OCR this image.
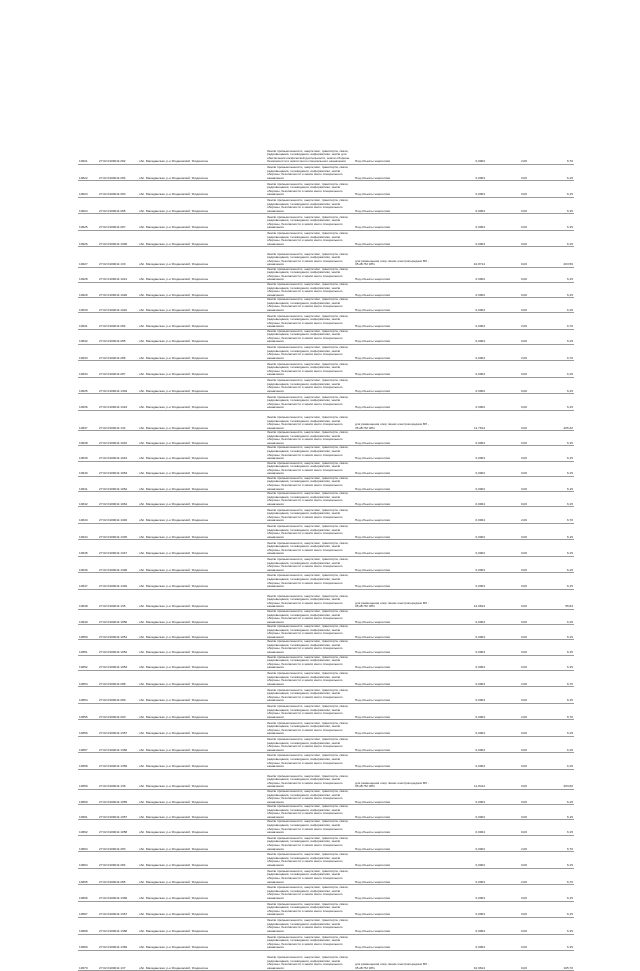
10621	27:02:0109011:282	обл. Магаданская, р-н Ягоднинский, Ягодинское		Земли промышленности, энергетики, транспорта, связи, радиовещания, телевидения, информатики, земли для обеспечения космической деятельности, земли обороны, безопасности и земли иного специального назначения	Под объекты энергетики	0,0004	2,00	6,70
10622	27:02:0109011:284	обл. Магаданская, р-н Ягоднинский, Ягодинское		Земли промышленности, энергетики, транспорта, связи, радиовещания, телевидения, информатики, земли обороны, безопасности и земли иного специального назначения	Под объекты энергетики	0,0004	0,00	6,15
10623	27:02:0109011:283	обл. Магаданская, р-н Ягоднинский, Ягодинское		Земли промышленности, энергетики, транспорта, связи, радиовещания, телевидения, информатики, земли обороны, безопасности и земли иного специального назначения	Под объекты энергетики	0,0004	0,00	6,15
10624	27:02:0109011:285	обл. Магаданская, р-н Ягоднинский, Ягодинское		Земли промышленности, энергетики, транспорта, связи, радиовещания, телевидения, информатики, земли обороны, безопасности и земли иного специального назначения	Под объекты энергетики	0,0004	0,00	6,15
10625	27:02:0109011:287	обл. Магаданская, р-н Ягоднинский, Ягодинское		Земли промышленности, энергетики, транспорта, связи, радиовещания, телевидения, информатики, земли обороны, безопасности и земли иного специального назначения	Под объекты энергетики	0,0004	0,00	6,15
10626	27:02:0109011:1306	обл. Магаданская, р-н Ягоднинский, Ягодинское		Земли промышленности, энергетики, транспорта, связи, радиовещания, телевидения, информатики, земли обороны, безопасности и земли иного специального назначения	Под объекты энергетики	0,0004	0,00	6,15
10627	27:02:0109011:133	обл. Магаданская, р-н Ягоднинский, Ягодинское		Земли промышленности, энергетики, транспорта, связи, радиовещания, телевидения, информатики, земли обороны, безопасности и земли иного специального назначения	для размещения опор линии электропередачи ВЛ - 35 кВ ГМ ЭП1	10,8714	0,00	203,59
10628	27:02:0109011:1021	обл. Магаданская, р-н Ягоднинский, Ягодинское		Земли промышленности, энергетики, транспорта, связи, радиовещания, телевидения, информатики, земли обороны, безопасности и земли иного специального назначения	Под объекты энергетики	0,0004	0,00	6,15
10629	27:02:0109011:1020	обл. Магаданская, р-н Ягоднинский, Ягодинское		Земли промышленности, энергетики, транспорта, связи, радиовещания, телевидения, информатики, земли обороны, безопасности и земли иного специального назначения	Под объекты энергетики	0,0004	0,00	6,15
10630	27:02:0109011:1022	обл. Магаданская, р-н Ягоднинский, Ягодинское		Земли промышленности, энергетики, транспорта, связи, радиовещания, телевидения, информатики, земли обороны, безопасности и земли иного специального назначения	Под объекты энергетики	0,0004	0,00	6,15
10631	27:02:0109011:284	обл. Магаданская, р-н Ягоднинский, Ягодинское		Земли промышленности, энергетики, транспорта, связи, радиовещания, телевидения, информатики, земли обороны, безопасности и земли иного специального назначения	Под объекты энергетики	0,0004	2,00	6,70
10632	27:02:0109011:285	обл. Магаданская, р-н Ягоднинский, Ягодинское		Земли промышленности, энергетики, транспорта, связи, радиовещания, телевидения, информатики, земли обороны, безопасности и земли иного специального назначения	Под объекты энергетики	0,0004	0,00	6,15
10633	27:02:0109011:286	обл. Магаданская, р-н Ягоднинский, Ягодинское		Земли промышленности, энергетики, транспорта, связи, радиовещания, телевидения, информатики, земли обороны, безопасности и земли иного специального назначения	Под объекты энергетики	0,0004	2,00	6,70
10634	27:02:0109011:287	обл. Магаданская, р-н Ягоднинский, Ягодинское		Земли промышленности, энергетики, транспорта, связи, радиовещания, телевидения, информатики, земли обороны, безопасности и земли иного специального назначения	Под объекты энергетики	0,0004	0,00	6,15
10635	27:02:0109011:1304	обл. Магаданская, р-н Ягоднинский, Ягодинское		Земли промышленности, энергетики, транспорта, связи, радиовещания, телевидения, информатики, земли обороны, безопасности и земли иного специального назначения	Под объекты энергетики	0,0004	0,00	6,15
10636	27:02:0109011:1324	обл. Магаданская, р-н Ягоднинский, Ягодинское		Земли промышленности, энергетики, транспорта, связи, радиовещания, телевидения, информатики, земли обороны, безопасности и земли иного специального назначения	Под объекты энергетики	0,0004	0,00	6,15
10637	27:02:0109011:134	обл. Магаданская, р-н Ягоднинский, Ягодинское		Земли промышленности, энергетики, транспорта, связи, радиовещания, телевидения, информатики, земли обороны, безопасности и земли иного специального назначения	для размещения опор линии электропередачи ВЛ - 35 кВ ГМ ЭП1	11,7614	0,00	205,32
10638	27:02:0109011:1042	обл. Магаданская, р-н Ягоднинский, Ягодинское		Земли промышленности, энергетики, транспорта, связи, радиовещания, телевидения, информатики, земли обороны, безопасности и земли иного специального назначения	Под объекты энергетики	0,0004	0,00	6,15
10639	27:02:0109011:1043	обл. Магаданская, р-н Ягоднинский, Ягодинское		Земли промышленности, энергетики, транспорта, связи, радиовещания, телевидения, информатики, земли обороны, безопасности и земли иного специального назначения	Под объекты энергетики	0,0004	0,00	6,15
10640	27:02:0109011:1063	обл. Магаданская, р-н Ягоднинский, Ягодинское		Земли промышленности, энергетики, транспорта, связи, радиовещания, телевидения, информатики, земли обороны, безопасности и земли иного специального назначения	Под объекты энергетики	0,0004	0,00	6,15
10641	27:02:0109011:1062	обл. Магаданская, р-н Ягоднинский, Ягодинское		Земли промышленности, энергетики, транспорта, связи, радиовещания, телевидения, информатики, земли обороны, безопасности и земли иного специального назначения	Под объекты энергетики	0,0004	0,00	6,15
10642	27:02:0109011:1064	обл. Магаданская, р-н Ягоднинский, Ягодинское		Земли промышленности, энергетики, транспорта, связи, радиовещания, телевидения, информатики, земли обороны, безопасности и земли иного специального назначения	Под объекты энергетики	0,0004	0,00	6,15
10643	27:02:0109011:1346	обл. Магаданская, р-н Ягоднинский, Ягодинское		Земли промышленности, энергетики, транспорта, связи, радиовещания, телевидения, информатики, земли обороны, безопасности и земли иного специального назначения	Под объекты энергетики	0,0004	2,00	6,70
10644	27:02:0109011:1345	обл. Магаданская, р-н Ягоднинский, Ягодинское		Земли промышленности, энергетики, транспорта, связи, радиовещания, телевидения, информатики, земли обороны, безопасности и земли иного специального назначения	Под объекты энергетики	0,0004	0,00	6,15
10645	27:02:0109011:1347	обл. Магаданская, р-н Ягоднинский, Ягодинское		Земли промышленности, энергетики, транспорта, связи, радиовещания, телевидения, информатики, земли обороны, безопасности и земли иного специального назначения	Под объекты энергетики	0,0004	0,00	6,15
10646	27:02:0109011:1348	обл. Магаданская, р-н Ягоднинский, Ягодинское		Земли промышленности, энергетики, транспорта, связи, радиовещания, телевидения, информатики, земли обороны, безопасности и земли иного специального назначения	Под объекты энергетики	0,0004	0,00	6,15
10647	27:02:0109011:1349	обл. Магаданская, р-н Ягоднинский, Ягодинское		Земли промышленности, энергетики, транспорта, связи, радиовещания, телевидения, информатики, земли обороны, безопасности и земли иного специального назначения	Под объекты энергетики	0,0004	0,00	6,15
10648	27:02:0109011:135	обл. Магаданская, р-н Ягоднинский, Ягодинское		Земли промышленности, энергетики, транспорта, связи, радиовещания, телевидения, информатики, земли обороны, безопасности и земли иного специального назначения	для размещения опор линии электропередачи ВЛ - 35 кВ ГМ ЭП1	14,9814	0,00	95,84
10649	27:02:0109011:1050	обл. Магаданская, р-н Ягоднинский, Ягодинское		Земли промышленности, энергетики, транспорта, связи, радиовещания, телевидения, информатики, земли обороны, безопасности и земли иного специального назначения	Под объекты энергетики	0,0004	0,00	6,15
10650	27:02:0109011:1051	обл. Магаданская, р-н Ягоднинский, Ягодинское		Земли промышленности, энергетики, транспорта, связи, радиовещания, телевидения, информатики, земли обороны, безопасности и земли иного специального назначения	Под объекты энергетики	0,0004	0,00	6,15
10651	27:02:0109011:1052	обл. Магаданская, р-н Ягоднинский, Ягодинское		Земли промышленности, энергетики, транспорта, связи, радиовещания, телевидения, информатики, земли обороны, безопасности и земли иного специального назначения	Под объекты энергетики	0,0004	0,00	6,15
10652	27:02:0109011:1053	обл. Магаданская, р-н Ягоднинский, Ягодинское		Земли промышленности, энергетики, транспорта, связи, радиовещания, телевидения, информатики, земли обороны, безопасности и земли иного специального назначения	Под объекты энергетики	0,0004	0,00	6,15
10653	27:02:0109011:288	обл. Магаданская, р-н Ягоднинский, Ягодинское		Земли промышленности, энергетики, транспорта, связи, радиовещания, телевидения, информатики, земли обороны, безопасности и земли иного специального назначения	Под объекты энергетики	0,0004	2,00	6,70
10654	27:02:0109011:289	обл. Магаданская, р-н Ягоднинский, Ягодинское		Земли промышленности, энергетики, транспорта, связи, радиовещания, телевидения, информатики, земли обороны, безопасности и земли иного специального назначения	Под объекты энергетики	0,0004	0,00	6,15
10655	27:02:0109011:290	обл. Магаданская, р-н Ягоднинский, Ягодинское		Земли промышленности, энергетики, транспорта, связи, радиовещания, телевидения, информатики, земли обороны, безопасности и земли иного специального назначения	Под объекты энергетики	0,0004	2,00	6,70
10656	27:02:0109011:1357	обл. Магаданская, р-н Ягоднинский, Ягодинское		Земли промышленности, энергетики, транспорта, связи, радиовещания, телевидения, информатики, земли обороны, безопасности и земли иного специального назначения	Под объекты энергетики	0,0004	0,00	6,15
10657	27:02:0109011:1360	обл. Магаданская, р-н Ягоднинский, Ягодинское		Земли промышленности, энергетики, транспорта, связи, радиовещания, телевидения, информатики, земли обороны, безопасности и земли иного специального назначения	Под объекты энергетики	0,0004	0,00	6,15
10658	27:02:0109011:1359	обл. Магаданская, р-н Ягоднинский, Ягодинское		Земли промышленности, энергетики, транспорта, связи, радиовещания, телевидения, информатики, земли обороны, безопасности и земли иного специального назначения	Под объекты энергетики	0,0004	0,00	6,15
10659	27:02:0109011:136	обл. Магаданская, р-н Ягоднинский, Ягодинское		Земли промышленности, энергетики, транспорта, связи, радиовещания, телевидения, информатики, земли обороны, безопасности и земли иного специального назначения	для размещения опор линии электропередачи ВЛ - 35 кВ ГМ ЭП1	11,8414	0,00	203,60
10660	27:02:0109011:1055	обл. Магаданская, р-н Ягоднинский, Ягодинское		Земли промышленности, энергетики, транспорта, связи, радиовещания, телевидения, информатики, земли обороны, безопасности и земли иного специального назначения	Под объекты энергетики	0,0004	0,00	6,15
10661	27:02:0109011:1057	обл. Магаданская, р-н Ягоднинский, Ягодинское		Земли промышленности, энергетики, транспорта, связи, радиовещания, телевидения, информатики, земли обороны, безопасности и земли иного специального назначения	Под объекты энергетики	0,0004	0,00	6,15
10662	27:02:0109011:1058	обл. Магаданская, р-н Ягоднинский, Ягодинское		Земли промышленности, энергетики, транспорта, связи, радиовещания, телевидения, информатики, земли обороны, безопасности и земли иного специального назначения	Под объекты энергетики	0,0004	0,00	6,15
10663	27:02:0109011:283	обл. Магаданская, р-н Ягоднинский, Ягодинское		Земли промышленности, энергетики, транспорта, связи, радиовещания, телевидения, информатики, земли обороны, безопасности и земли иного специального назначения	Под объекты энергетики	0,0004	2,00	6,70
10664	27:02:0109011:284	обл. Магаданская, р-н Ягоднинский, Ягодинское		Земли промышленности, энергетики, транспорта, связи, радиовещания, телевидения, информатики, земли обороны, безопасности и земли иного специального назначения	Под объекты энергетики	0,0004	0,00	6,15
10665	27:02:0109011:285	обл. Магаданская, р-н Ягоднинский, Ягодинское		Земли промышленности, энергетики, транспорта, связи, радиовещания, телевидения, информатики, земли обороны, безопасности и земли иного специального назначения	Под объекты энергетики	0,0004	2,00	6,70
10666	27:02:0109011:1366	обл. Магаданская, р-н Ягоднинский, Ягодинское		Земли промышленности, энергетики, транспорта, связи, радиовещания, телевидения, информатики, земли обороны, безопасности и земли иного специального назначения	Под объекты энергетики	0,0004	0,00	6,15
10667	27:02:0109011:1367	обл. Магаданская, р-н Ягоднинский, Ягодинское		Земли промышленности, энергетики, транспорта, связи, радиовещания, телевидения, информатики, земли обороны, безопасности и земли иного специального назначения	Под объекты энергетики	0,0004	0,00	6,15
10668	27:02:0109011:1368	обл. Магаданская, р-н Ягоднинский, Ягодинское		Земли промышленности, энергетики, транспорта, связи, радиовещания, телевидения, информатики, земли обороны, безопасности и земли иного специального назначения	Под объекты энергетики	0,0004	0,00	6,15
10669	27:02:0109011:1369	обл. Магаданская, р-н Ягоднинский, Ягодинское		Земли промышленности, энергетики, транспорта, связи, радиовещания, телевидения, информатики, земли обороны, безопасности и земли иного специального назначения	Под объекты энергетики	0,0004	0,00	6,15
10670	27:02:0109011:137	обл. Магаданская, р-н Ягоднинский, Ягодинское		Земли промышленности, энергетики, транспорта, связи, радиовещания, телевидения, информатики, земли обороны, безопасности и земли иного специального назначения	для размещения опор линии электропередачи ВЛ - 35 кВ ГМ ЭП1	10,9614	0,00	105,70
